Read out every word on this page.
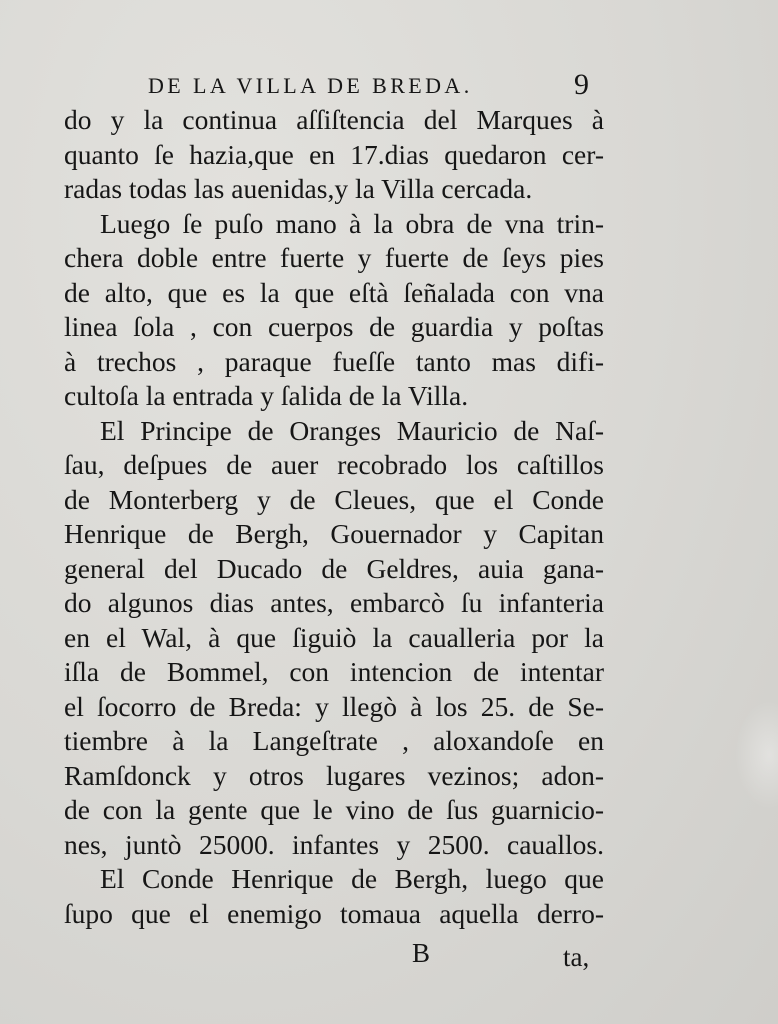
DE LA VILLA DE BREDA.	9
do y la continua aſſiſtencia del Marques à
quanto ſe hazia,que en 17.dias quedaron cer-
radas todas las auenidas,y la Villa cercada.
Luego ſe puſo mano à la obra de vna trin-
chera doble entre fuerte y fuerte de ſeys pies
de alto, que es la que eſtà ſeñalada con vna
linea ſola , con cuerpos de guardia y poſtas
à trechos , paraque fueſſe tanto mas difi-
cultoſa la entrada y ſalida de la Villa.
El Principe de Oranges Mauricio de Naſ-
ſau, deſpues de auer recobrado los caſtillos
de Monterberg y de Cleues, que el Conde
Henrique de Bergh, Gouernador y Capitan
general del Ducado de Geldres, auia gana-
do algunos dias antes, embarcò ſu infanteria
en el Wal, à que ſiguiò la caualleria por la
iſla de Bommel, con intencion de intentar
el ſocorro de Breda: y llegò à los 25. de Se-
tiembre à la Langeſtrate , aloxandoſe en
Ramſdonck y otros lugares vezinos; adon-
de con la gente que le vino de ſus guarnicio-
nes, juntò 25000. infantes y 2500. cauallos.
El Conde Henrique de Bergh, luego que
ſupo que el enemigo tomaua aquella derro-
B	ta,
